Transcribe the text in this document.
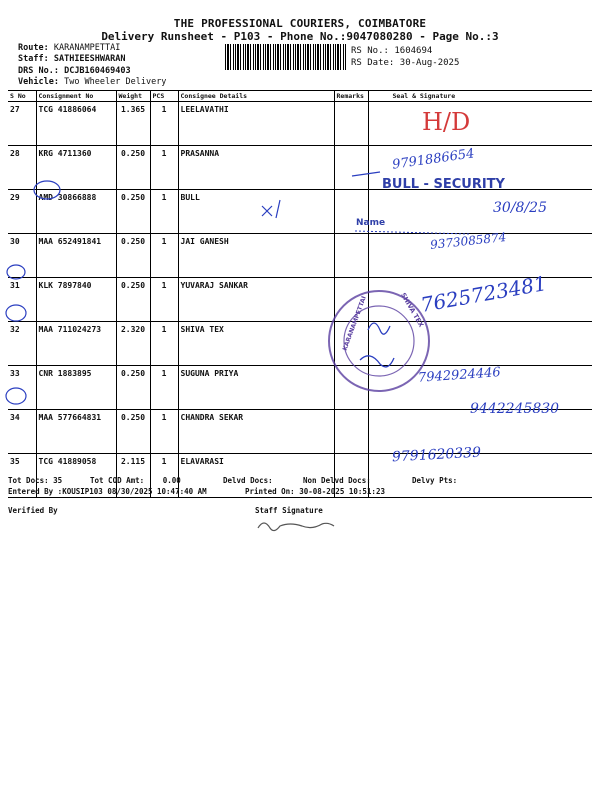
THE PROFESSIONAL COURIERS, COIMBATORE
Delivery Runsheet - P103 - Phone No.:9047080280 - Page No.:3
Route: KARANAMPETTAI
Staff: SATHIEESHWARAN
DRS No.: DCJB160469403
Vehicle: Two Wheeler Delivery
RS No.: 1604694
RS Date: 30-Aug-2025
S No	Consignment No	Weight	PCS	Consignee Details	Remarks	Seal & Signature
27	TCG 41886064	1.365	1	LEELAVATHI		
28	KRG 4711360	0.250	1	PRASANNA		
29	AMD 30866888	0.250	1	BULL		
30	MAA 652491841	0.250	1	JAI GANESH		
31	KLK 7897840	0.250	1	YUVARAJ SANKAR		
32	MAA 711024273	2.320	1	SHIVA TEX		
33	CNR 1883895	0.250	1	SUGUNA PRIYA		
34	MAA 577664831	0.250	1	CHANDRA SEKAR		
35	TCG 41889058	2.115	1	ELAVARASI		
H/D
9791886654
BULL - SECURITY
Name
30/8/25
9373085874
7625723481
7942924446
9442245830
9791620339
SHIVA TEX
KARANAMPETTAI
Tot Docs: 35	Tot COD Amt: 0.00	Delvd Docs:	Non Delvd Docs:	Delvy Pts:
Entered By :KOUSIP103 08/30/2025 10:47:40 AM	Printed On: 30-08-2025 10:51:23
Verified By	Staff Signature
